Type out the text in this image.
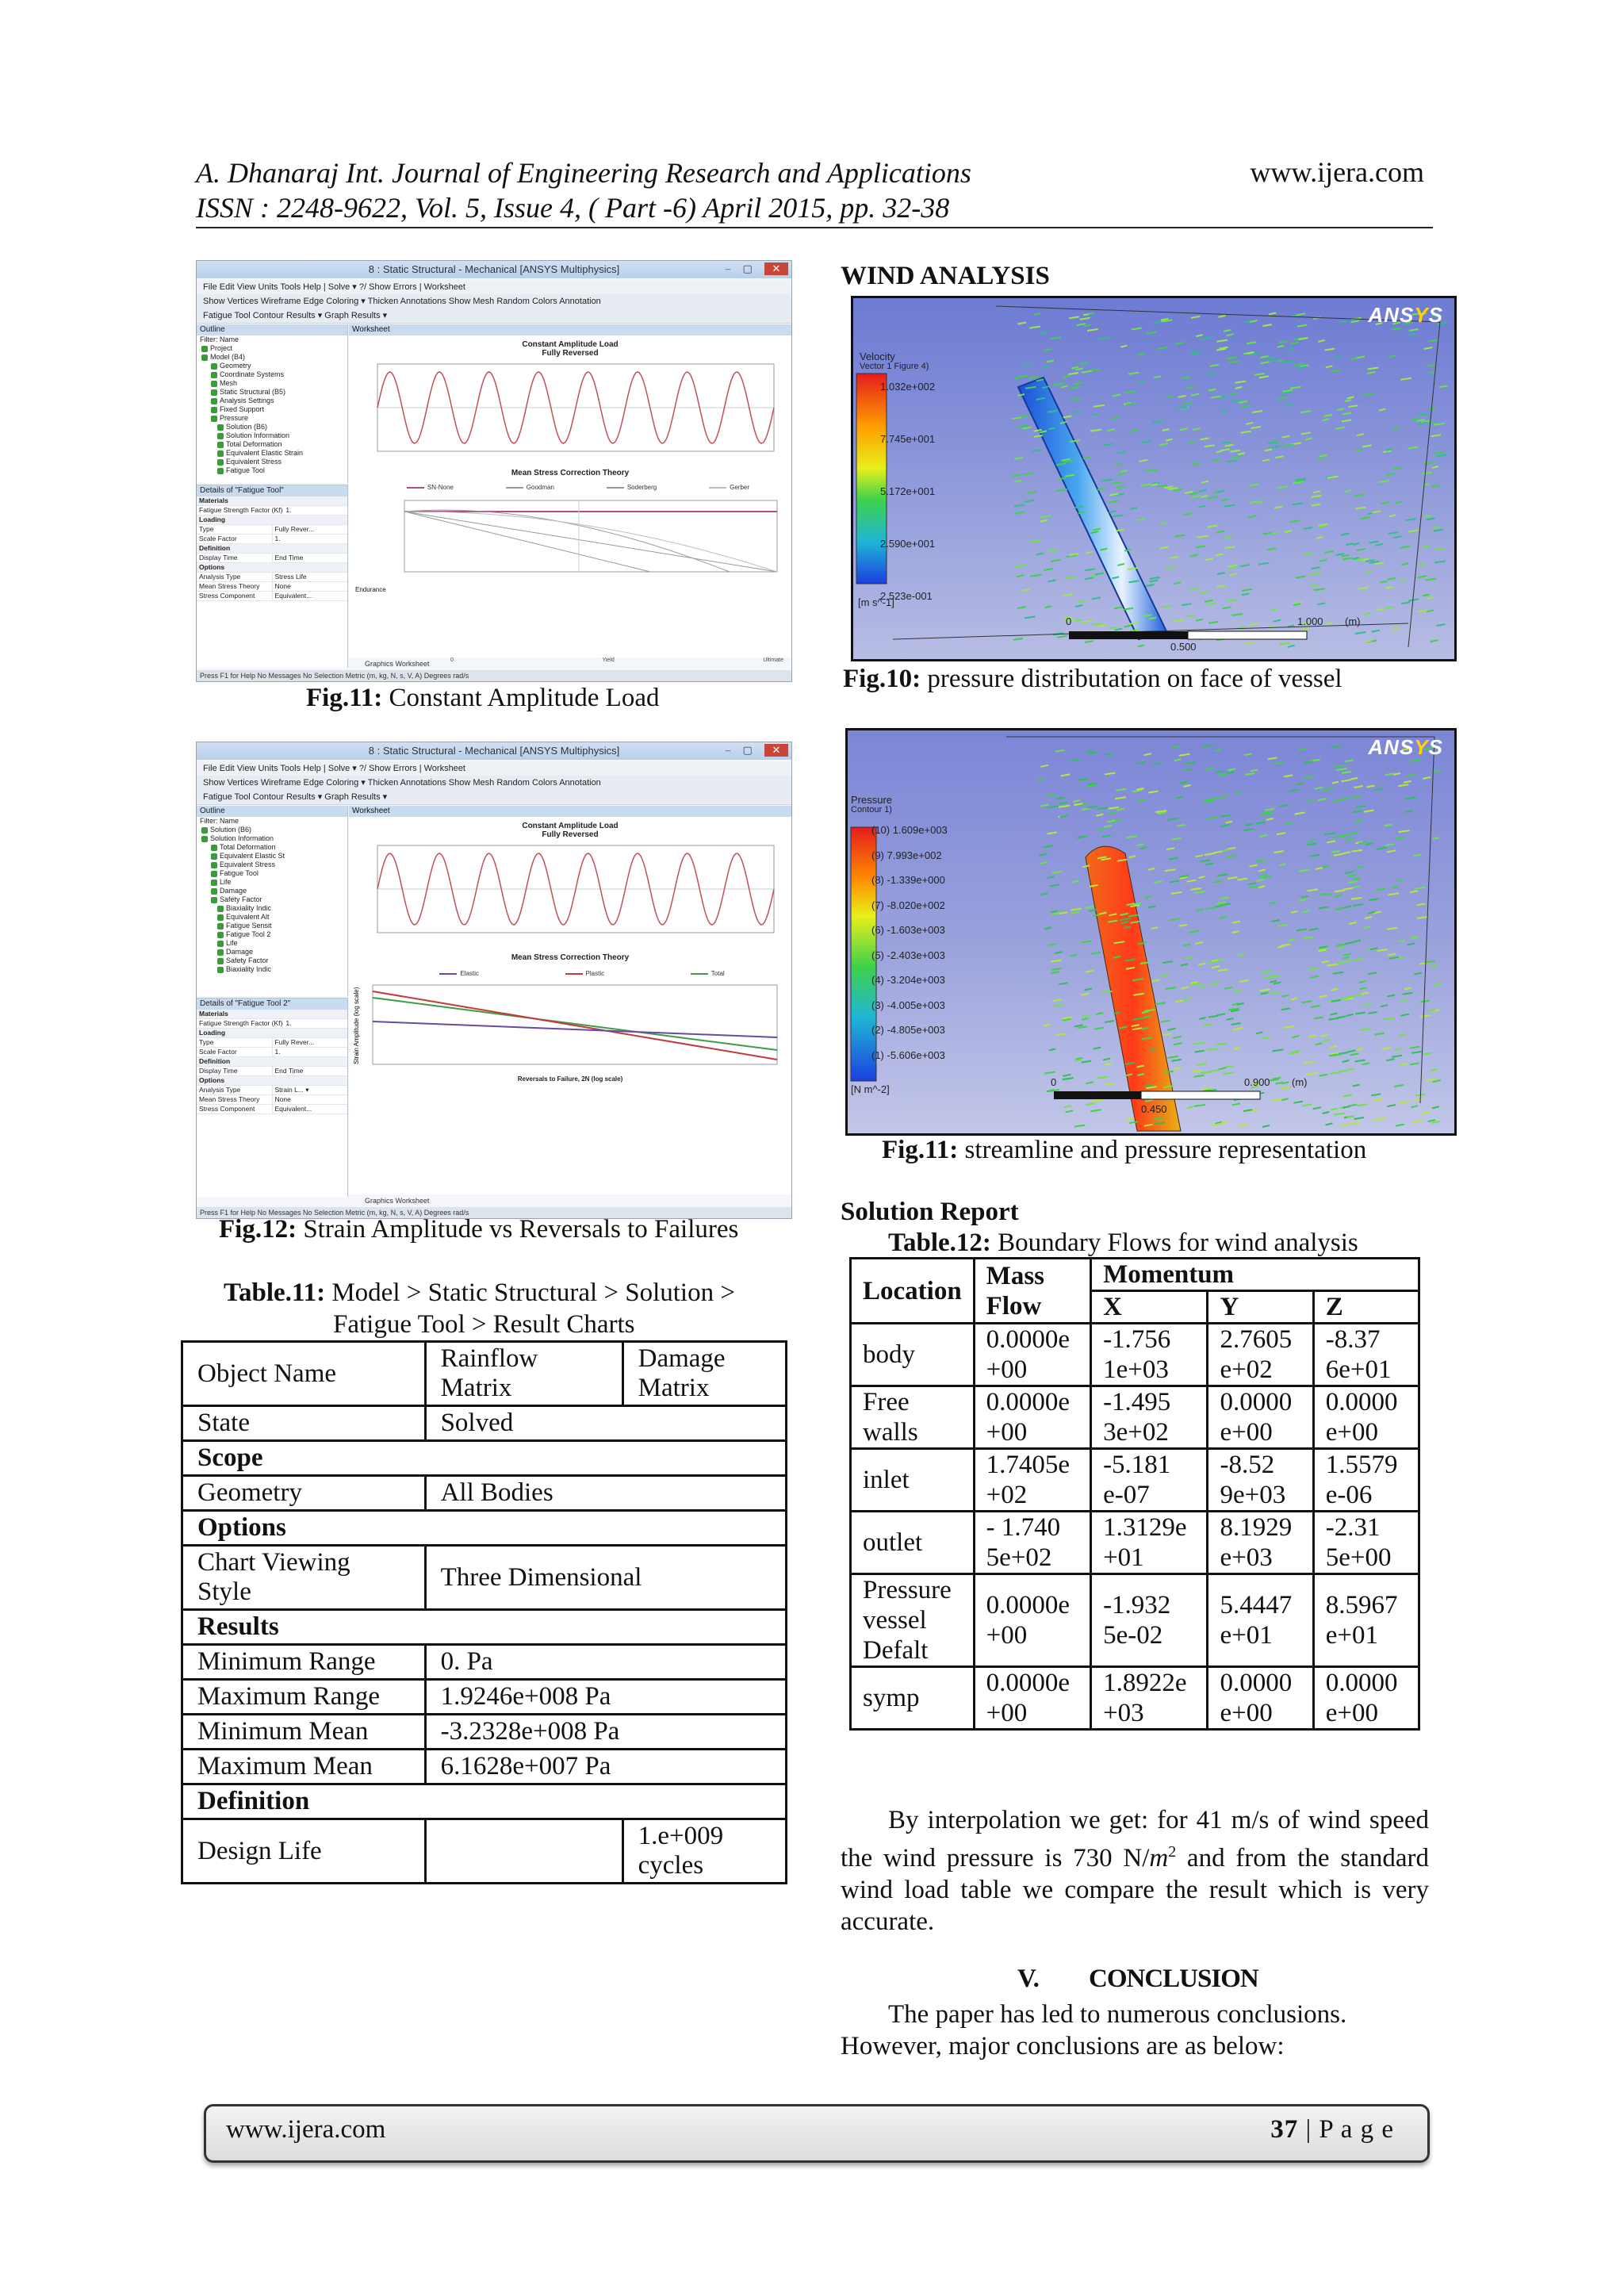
A. Dhanaraj Int. Journal of Engineering Research and Applications
ISSN : 2248-9622, Vol. 5, Issue 4, ( Part -6) April 2015, pp. 32-38
www.ijera.com
8 : Static Structural - Mechanical [ANSYS Multiphysics]	– ▢ ✕
File Edit View Units Tools Help | Solve ▾ ?/ Show Errors | Worksheet
Show Vertices Wireframe Edge Coloring ▾ Thicken Annotations Show Mesh Random Colors Annotation
Fatigue Tool Contour Results ▾ Graph Results ▾
Outline
Filter: Name
Project
Model (B4)
Geometry
Coordinate Systems
Mesh
Static Structural (B5)
Analysis Settings
Fixed Support
Pressure
Solution (B6)
Solution Information
Total Deformation
Equivalent Elastic Strain
Equivalent Stress
Fatigue Tool
Details of "Fatigue Tool"
Materials
Fatigue Strength Factor (Kf) 1.
Loading
Type	Fully Rever...
Scale Factor	1.
Definition
Display Time	End Time
Options
Analysis Type	Stress Life
Mean Stress Theory	None
Stress Component	Equivalent...
Worksheet
Constant Amplitude Load
Fully Reversed
Mean Stress Correction Theory
SN-None	Goodman	Soderberg	Gerber
Endurance
0	Yield	Ultimate
Graphics Worksheet
Press F1 for Help No Messages No Selection Metric (m, kg, N, s, V, A) Degrees rad/s
Fig.11: Constant Amplitude Load
8 : Static Structural - Mechanical [ANSYS Multiphysics]	– ▢ ✕
File Edit View Units Tools Help | Solve ▾ ?/ Show Errors | Worksheet
Show Vertices Wireframe Edge Coloring ▾ Thicken Annotations Show Mesh Random Colors Annotation
Fatigue Tool Contour Results ▾ Graph Results ▾
Outline
Filter: Name
Solution (B6)
Solution Information
Total Deformation
Equivalent Elastic St
Equivalent Stress
Fatigue Tool
Life
Damage
Safety Factor
Biaxiality Indic
Equivalent Alt
Fatigue Sensit
Fatigue Tool 2
Life
Damage
Safety Factor
Biaxiality Indic
Details of "Fatigue Tool 2"
Materials
Fatigue Strength Factor (Kf) 1.
Loading
Type	Fully Rever...
Scale Factor	1.
Definition
Display Time	End Time
Options
Analysis Type	Strain L... ▾
Mean Stress Theory	None
Stress Component	Equivalent...
Worksheet
Constant Amplitude Load
Fully Reversed
Mean Stress Correction Theory
Elastic	Plastic	Total
Strain Amplitude (log scale)
Reversals to Failure, 2N (log scale)
Graphics Worksheet
Press F1 for Help No Messages No Selection Metric (m, kg, N, s, V, A) Degrees rad/s
Fig.12: Strain Amplitude vs Reversals to Failures
Table.11: Model > Static Structural > Solution >
Fatigue Tool > Result Charts
Object Name	Rainflow Matrix	Damage Matrix
State	Solved	
Scope		
Geometry	All Bodies	
Options		
Chart Viewing Style	Three Dimensional	
Results		
Minimum Range	0. Pa	
Maximum Range	1.9246e+008 Pa	
Minimum Mean	-3.2328e+008 Pa	
Maximum Mean	6.1628e+007 Pa	
Definition		
Design Life		1.e+009 cycles
WIND ANALYSIS
ANSYS
Velocity
Vector 1 Figure 4)
1.032e+002
7.745e+001
5.172e+001
2.590e+001
2.523e-001
[m s^-1]
0
0.500
1.000 (m)
Fig.10: pressure distributation on face of vessel
ANSYS
Pressure
Contour 1)
(10) 1.609e+003
(9) 7.993e+002
(8) -1.339e+000
(7) -8.020e+002
(6) -1.603e+003
(5) -2.403e+003
(4) -3.204e+003
(3) -4.005e+003
(2) -4.805e+003
(1) -5.606e+003
[N m^-2]
0
0.450
0.900 (m)
Fig.11: streamline and pressure representation
Solution Report
Table.12: Boundary Flows for wind analysis
Location	Mass Flow	Momentum		
		X	Y	Z
body	0.0000e +00	-1.756 1e+03	2.7605 e+02	-8.37 6e+01
Free walls	0.0000e +00	-1.495 3e+02	0.0000 e+00	0.0000 e+00
inlet	1.7405e +02	-5.181 e-07	-8.52 9e+03	1.5579 e-06
outlet	- 1.740 5e+02	1.3129e +01	8.1929 e+03	-2.31 5e+00
Pressure vessel Defalt	0.0000e +00	-1.932 5e-02	5.4447 e+01	8.5967 e+01
symp	0.0000e +00	1.8922e +03	0.0000 e+00	0.0000 e+00
By interpolation we get: for 41 m/s of wind speed the wind pressure is 730 $N/m^2$ and from the standard wind load table we compare the result which is very accurate.
V. CONCLUSION
The paper has led to numerous conclusions.
However, major conclusions are as below:
www.ijera.com	37 | P a g e
